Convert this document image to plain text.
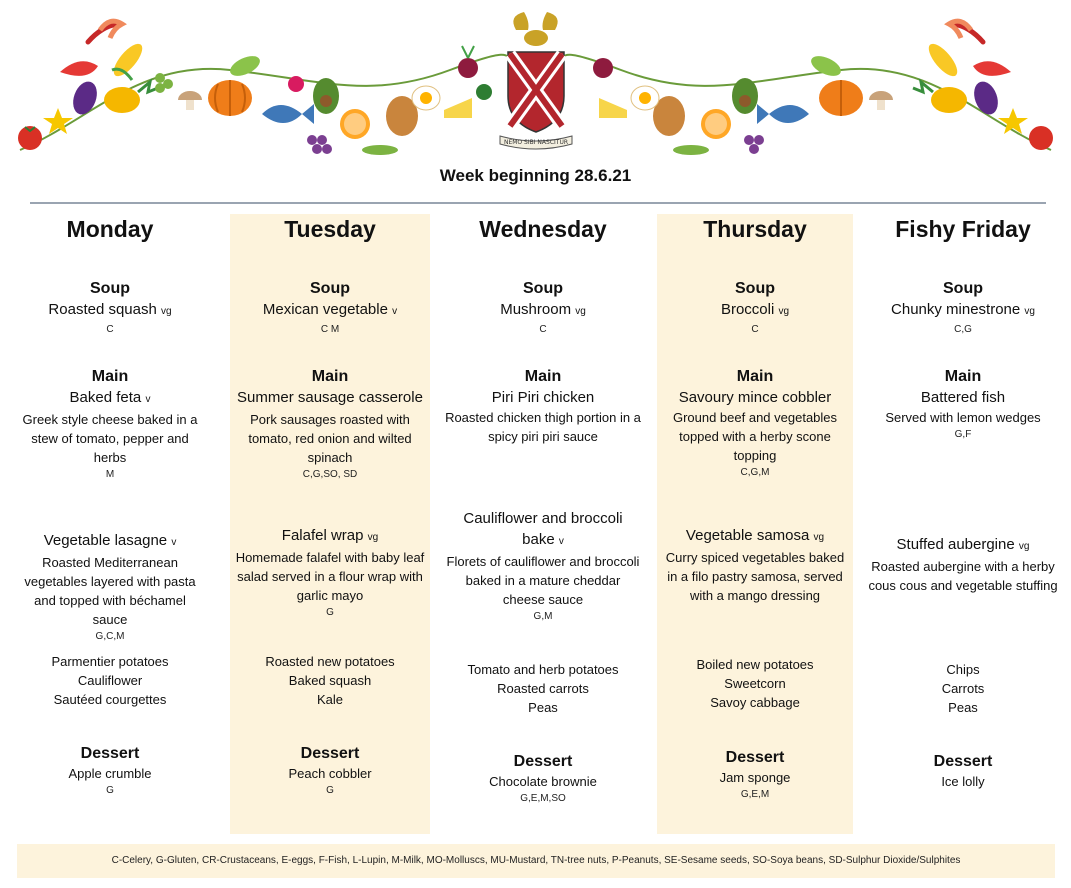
NEMO SIBI NASCITUR
Week beginning 28.6.21
Monday
Soup
Roasted squash vg
C
Main
Baked feta v
Greek style cheese baked in a stew of tomato, pepper and herbs
M
Vegetable lasagne v
Roasted Mediterranean vegetables layered with pasta and topped with béchamel sauce
G,C,M
Parmentier potatoes
Cauliflower
Sautéed courgettes
Dessert
Apple crumble
G
Tuesday
Soup
Mexican vegetable v
C M
Main
Summer sausage casserole
Pork sausages roasted with tomato, red onion and wilted spinach
C,G,SO, SD
Falafel wrap vg
Homemade falafel with baby leaf salad served in a flour wrap with garlic mayo
G
Roasted new potatoes
Baked squash
Kale
Dessert
Peach cobbler
G
Wednesday
Soup
Mushroom vg
C
Main
Piri Piri chicken
Roasted chicken thigh portion in a spicy piri piri sauce
Cauliflower and broccoli bake v
Florets of cauliflower and broccoli baked in a mature cheddar cheese sauce
G,M
Tomato and herb potatoes
Roasted carrots
Peas
Dessert
Chocolate brownie
G,E,M,SO
Thursday
Soup
Broccoli vg
C
Main
Savoury mince cobbler
Ground beef and vegetables topped with a herby scone topping
C,G,M
Vegetable samosa vg
Curry spiced vegetables baked in a filo pastry samosa, served with a mango dressing
Boiled new potatoes
Sweetcorn
Savoy cabbage
Dessert
Jam sponge
G,E,M
Fishy Friday
Soup
Chunky minestrone vg
C,G
Main
Battered fish
Served with lemon wedges
G,F
Stuffed aubergine vg
Roasted aubergine with a herby cous cous and vegetable stuffing
Chips
Carrots
Peas
Dessert
Ice lolly
C-Celery, G-Gluten, CR-Crustaceans, E-eggs, F-Fish, L-Lupin, M-Milk, MO-Molluscs, MU-Mustard, TN-tree nuts, P-Peanuts, SE-Sesame seeds, SO-Soya beans, SD-Sulphur Dioxide/Sulphites
